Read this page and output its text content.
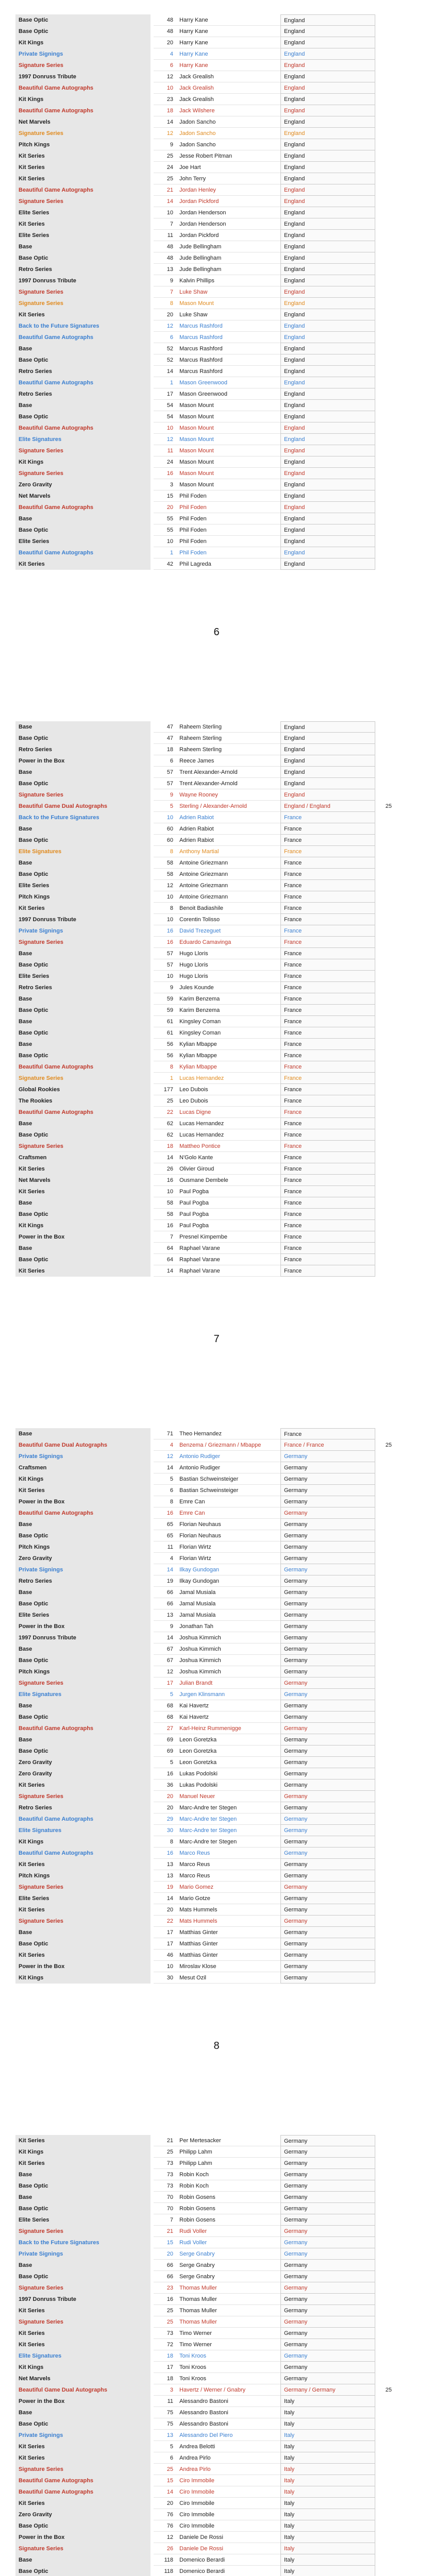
Base Optic	48	Harry Kane	England
Base Optic	48	Harry Kane	England
Kit Kings	20	Harry Kane	England
Private Signings	4	Harry Kane	England
Signature Series	6	Harry Kane	England
1997 Donruss Tribute	12	Jack Grealish	England
Beautiful Game Autographs	10	Jack Grealish	England
Kit Kings	23	Jack Grealish	England
Beautiful Game Autographs	18	Jack Wilshere	England
Net Marvels	14	Jadon Sancho	England
Signature Series	12	Jadon Sancho	England
Pitch Kings	9	Jadon Sancho	England
Kit Series	25	Jesse Robert Pitman	England
Kit Series	24	Joe Hart	England
Kit Series	25	John Terry	England
Beautiful Game Autographs	21	Jordan Henley	England
Signature Series	14	Jordan Pickford	England
Elite Series	10	Jordan Henderson	England
Kit Series	7	Jordan Henderson	England
Elite Series	11	Jordan Pickford	England
Base	48	Jude Bellingham	England
Base Optic	48	Jude Bellingham	England
Retro Series	13	Jude Bellingham	England
1997 Donruss Tribute	9	Kalvin Phillips	England
Signature Series	7	Luke Shaw	England
Signature Series	8	Mason Mount	England
Kit Series	20	Luke Shaw	England
Back to the Future Signatures	12	Marcus Rashford	England
Beautiful Game Autographs	6	Marcus Rashford	England
Base	52	Marcus Rashford	England
Base Optic	52	Marcus Rashford	England
Retro Series	14	Marcus Rashford	England
Beautiful Game Autographs	1	Mason Greenwood	England
Retro Series	17	Mason Greenwood	England
Base	54	Mason Mount	England
Base Optic	54	Mason Mount	England
Beautiful Game Autographs	10	Mason Mount	England
Elite Signatures	12	Mason Mount	England
Signature Series	11	Mason Mount	England
Kit Kings	24	Mason Mount	England
Signature Series	16	Mason Mount	England
Zero Gravity	3	Mason Mount	England
Net Marvels	15	Phil Foden	England
Beautiful Game Autographs	20	Phil Foden	England
Base	55	Phil Foden	England
Base Optic	55	Phil Foden	England
Elite Series	10	Phil Foden	England
Beautiful Game Autographs	1	Phil Foden	England
Kit Series	42	Phil Lagreda	England
6
Base	47	Raheem Sterling	England
Base Optic	47	Raheem Sterling	England
Retro Series	18	Raheem Sterling	England
Power in the Box	6	Reece James	England
Base	57	Trent Alexander-Arnold	England
Base Optic	57	Trent Alexander-Arnold	England
Signature Series	9	Wayne Rooney	England
Beautiful Game Dual Autographs	5	Sterling / Alexander-Arnold	England / England	25
Back to the Future Signatures	10	Adrien Rabiot	France
Base	60	Adrien Rabiot	France
Base Optic	60	Adrien Rabiot	France
Elite Signatures	8	Anthony Martial	France
Base	58	Antoine Griezmann	France
Base Optic	58	Antoine Griezmann	France
Elite Series	12	Antoine Griezmann	France
Pitch Kings	10	Antoine Griezmann	France
Kit Series	8	Benoit Badiashile	France
1997 Donruss Tribute	10	Corentin Tolisso	France
Private Signings	16	David Trezeguet	France
Signature Series	16	Eduardo Camavinga	France
Base	57	Hugo Lloris	France
Base Optic	57	Hugo Lloris	France
Elite Series	10	Hugo Lloris	France
Retro Series	9	Jules Kounde	France
Base	59	Karim Benzema	France
Base Optic	59	Karim Benzema	France
Base	61	Kingsley Coman	France
Base Optic	61	Kingsley Coman	France
Base	56	Kylian Mbappe	France
Base Optic	56	Kylian Mbappe	France
Beautiful Game Autographs	8	Kylian Mbappe	France
Signature Series	1	Lucas Hernandez	France
Global Rookies	177	Leo Dubois	France
The Rookies	25	Leo Dubois	France
Beautiful Game Autographs	22	Lucas Digne	France
Base	62	Lucas Hernandez	France
Base Optic	62	Lucas Hernandez	France
Signature Series	18	Mattheo Pontice	France
Craftsmen	14	N'Golo Kante	France
Kit Series	26	Olivier Giroud	France
Net Marvels	16	Ousmane Dembele	France
Kit Series	10	Paul Pogba	France
Base	58	Paul Pogba	France
Base Optic	58	Paul Pogba	France
Kit Kings	16	Paul Pogba	France
Power in the Box	7	Presnel Kimpembe	France
Base	64	Raphael Varane	France
Base Optic	64	Raphael Varane	France
Kit Series	14	Raphael Varane	France
7
Base	71	Theo Hernandez	France
Beautiful Game Dual Autographs	4	Benzema / Griezmann / Mbappe	France / France	25
Private Signings	12	Antonio Rudiger	Germany
Craftsmen	14	Antonio Rudiger	Germany
Kit Kings	5	Bastian Schweinsteiger	Germany
Kit Series	6	Bastian Schweinsteiger	Germany
Power in the Box	8	Emre Can	Germany
Beautiful Game Autographs	16	Emre Can	Germany
Base	65	Florian Neuhaus	Germany
Base Optic	65	Florian Neuhaus	Germany
Pitch Kings	11	Florian Wirtz	Germany
Zero Gravity	4	Florian Wirtz	Germany
Private Signings	14	Ilkay Gundogan	Germany
Retro Series	19	Ilkay Gundogan	Germany
Base	66	Jamal Musiala	Germany
Base Optic	66	Jamal Musiala	Germany
Elite Series	13	Jamal Musiala	Germany
Power in the Box	9	Jonathan Tah	Germany
1997 Donruss Tribute	14	Joshua Kimmich	Germany
Base	67	Joshua Kimmich	Germany
Base Optic	67	Joshua Kimmich	Germany
Pitch Kings	12	Joshua Kimmich	Germany
Signature Series	17	Julian Brandt	Germany
Elite Signatures	5	Jurgen Klinsmann	Germany
Base	68	Kai Havertz	Germany
Base Optic	68	Kai Havertz	Germany
Beautiful Game Autographs	27	Karl-Heinz Rummenigge	Germany
Base	69	Leon Goretzka	Germany
Base Optic	69	Leon Goretzka	Germany
Zero Gravity	5	Leon Goretzka	Germany
Zero Gravity	16	Lukas Podolski	Germany
Kit Series	36	Lukas Podolski	Germany
Signature Series	20	Manuel Neuer	Germany
Retro Series	20	Marc-Andre ter Stegen	Germany
Beautiful Game Autographs	29	Marc-Andre ter Stegen	Germany
Elite Signatures	30	Marc-Andre ter Stegen	Germany
Kit Kings	8	Marc-Andre ter Stegen	Germany
Beautiful Game Autographs	16	Marco Reus	Germany
Kit Series	13	Marco Reus	Germany
Pitch Kings	13	Marco Reus	Germany
Signature Series	19	Mario Gomez	Germany
Elite Series	14	Mario Gotze	Germany
Kit Series	20	Mats Hummels	Germany
Signature Series	22	Mats Hummels	Germany
Base	17	Matthias Ginter	Germany
Base Optic	17	Matthias Ginter	Germany
Kit Series	46	Matthias Ginter	Germany
Power in the Box	10	Miroslav Klose	Germany
Kit Kings	30	Mesut Ozil	Germany
8
Kit Series	21	Per Mertesacker	Germany
Kit Kings	25	Philipp Lahm	Germany
Kit Series	73	Philipp Lahm	Germany
Base	73	Robin Koch	Germany
Base Optic	73	Robin Koch	Germany
Base	70	Robin Gosens	Germany
Base Optic	70	Robin Gosens	Germany
Elite Series	7	Robin Gosens	Germany
Signature Series	21	Rudi Voller	Germany
Back to the Future Signatures	15	Rudi Voller	Germany
Private Signings	20	Serge Gnabry	Germany
Base	66	Serge Gnabry	Germany
Base Optic	66	Serge Gnabry	Germany
Signature Series	23	Thomas Muller	Germany
1997 Donruss Tribute	16	Thomas Muller	Germany
Kit Series	25	Thomas Muller	Germany
Signature Series	25	Thomas Muller	Germany
Kit Series	73	Timo Werner	Germany
Kit Series	72	Timo Werner	Germany
Elite Signatures	18	Toni Kroos	Germany
Kit Kings	17	Toni Kroos	Germany
Net Marvels	18	Toni Kroos	Germany
Beautiful Game Dual Autographs	3	Havertz / Werner / Gnabry	Germany / Germany	25
Power in the Box	11	Alessandro Bastoni	Italy
Base	75	Alessandro Bastoni	Italy
Base Optic	75	Alessandro Bastoni	Italy
Private Signings	13	Alessandro Del Piero	Italy
Kit Series	5	Andrea Belotti	Italy
Kit Series	6	Andrea Pirlo	Italy
Signature Series	25	Andrea Pirlo	Italy
Beautiful Game Autographs	15	Ciro Immobile	Italy
Beautiful Game Autographs	14	Ciro Immobile	Italy
Kit Series	20	Ciro Immobile	Italy
Zero Gravity	76	Ciro Immobile	Italy
Base Optic	76	Ciro Immobile	Italy
Power in the Box	12	Daniele De Rossi	Italy
Signature Series	26	Daniele De Rossi	Italy
Base	118	Domenico Berardi	Italy
Base Optic	118	Domenico Berardi	Italy
